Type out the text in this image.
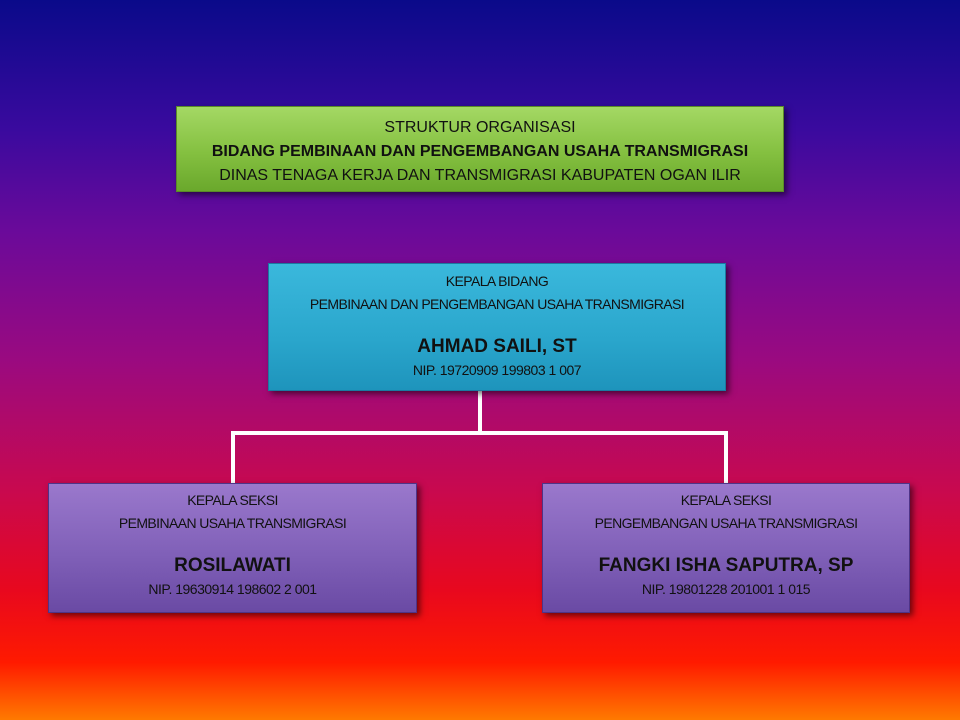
STRUKTUR ORGANISASI
BIDANG PEMBINAAN DAN PENGEMBANGAN USAHA TRANSMIGRASI
DINAS TENAGA KERJA DAN TRANSMIGRASI KABUPATEN OGAN ILIR
KEPALA BIDANG
PEMBINAAN DAN PENGEMBANGAN USAHA TRANSMIGRASI
AHMAD SAILI, ST
NIP. 19720909 199803 1 007
KEPALA SEKSI
PEMBINAAN USAHA TRANSMIGRASI
ROSILAWATI
NIP. 19630914 198602 2 001
KEPALA SEKSI
PENGEMBANGAN USAHA TRANSMIGRASI
FANGKI ISHA SAPUTRA, SP
NIP. 19801228 201001 1 015
